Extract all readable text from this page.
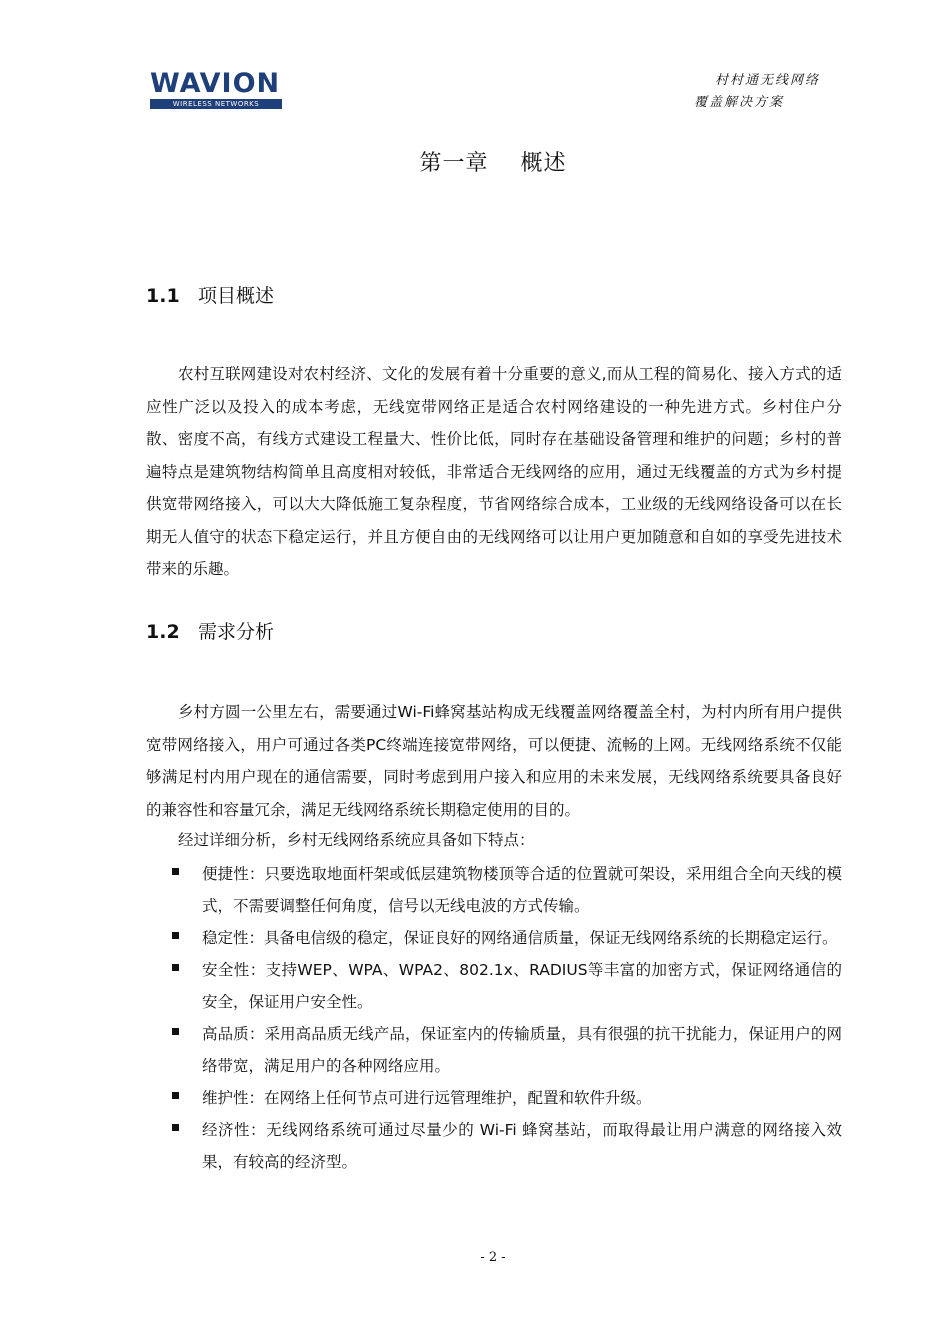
WAVION
WIRELESS NETWORKS
村村通无线网络
覆盖解决方案
第一章    概述
1.1 项目概述
农村互联网建设对农村经济、文化的发展有着十分重要的意义,而从工程的简易化、接入方式的适应性广泛以及投入的成本考虑，无线宽带网络正是适合农村网络建设的一种先进方式。乡村住户分散、密度不高，有线方式建设工程量大、性价比低，同时存在基础设备管理和维护的问题；乡村的普遍特点是建筑物结构简单且高度相对较低，非常适合无线网络的应用，通过无线覆盖的方式为乡村提供宽带网络接入，可以大大降低施工复杂程度，节省网络综合成本，工业级的无线网络设备可以在长期无人值守的状态下稳定运行，并且方便自由的无线网络可以让用户更加随意和自如的享受先进技术带来的乐趣。
1.2 需求分析
乡村方圆一公里左右，需要通过Wi-Fi蜂窝基站构成无线覆盖网络覆盖全村，为村内所有用户提供宽带网络接入，用户可通过各类PC终端连接宽带网络，可以便捷、流畅的上网。无线网络系统不仅能够满足村内用户现在的通信需要，同时考虑到用户接入和应用的未来发展，无线网络系统要具备良好的兼容性和容量冗余，满足无线网络系统长期稳定使用的目的。
经过详细分析，乡村无线网络系统应具备如下特点：
便捷性：只要选取地面杆架或低层建筑物楼顶等合适的位置就可架设，采用组合全向天线的模式，不需要调整任何角度，信号以无线电波的方式传输。
稳定性：具备电信级的稳定，保证良好的网络通信质量，保证无线网络系统的长期稳定运行。
安全性：支持WEP、WPA、WPA2、802.1x、RADIUS等丰富的加密方式，保证网络通信的安全，保证用户安全性。
高品质：采用高品质无线产品，保证室内的传输质量，具有很强的抗干扰能力，保证用户的网络带宽，满足用户的各种网络应用。
维护性：在网络上任何节点可进行远管理维护，配置和软件升级。
经济性：无线网络系统可通过尽量少的 Wi-Fi 蜂窝基站，而取得最让用户满意的网络接入效果，有较高的经济型。
- 2 -
